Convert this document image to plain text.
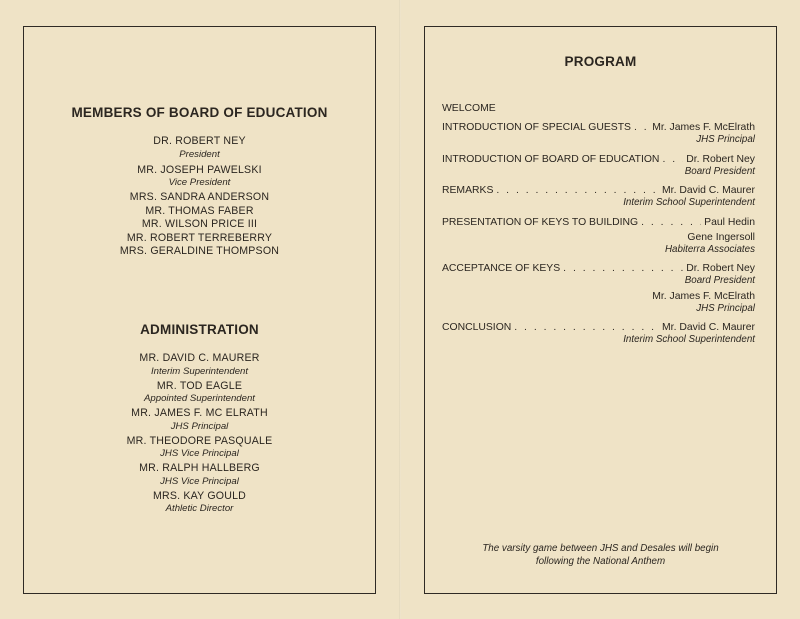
MEMBERS OF BOARD OF EDUCATION
DR. ROBERT NEY
President
MR. JOSEPH PAWELSKI
Vice President
MRS. SANDRA ANDERSON
MR. THOMAS FABER
MR. WILSON PRICE III
MR. ROBERT TERREBERRY
MRS. GERALDINE THOMPSON
ADMINISTRATION
MR. DAVID C. MAURER
Interim Superintendent
MR. TOD EAGLE
Appointed Superintendent
MR. JAMES F. MC ELRATH
JHS Principal
MR. THEODORE PASQUALE
JHS Vice Principal
MR. RALPH HALLBERG
JHS Vice Principal
MRS. KAY GOULD
Athletic Director
PROGRAM
WELCOME
INTRODUCTION OF SPECIAL GUESTS . . . Mr. James F. McElrath
JHS Principal
INTRODUCTION OF BOARD OF EDUCATION . . .	Dr. Robert Ney
Board President
REMARKS . . .	Mr. David C. Maurer
Interim School Superintendent
PRESENTATION OF KEYS TO BUILDING . . .	Paul Hedin
Gene Ingersoll
Habiterra Associates
ACCEPTANCE OF KEYS . . .	Dr. Robert Ney
Board President
Mr. James F. McElrath
JHS Principal
CONCLUSION . . .	Mr. David C. Maurer
Interim School Superintendent
The varsity game between JHS and Desales will begin
following the National Anthem
